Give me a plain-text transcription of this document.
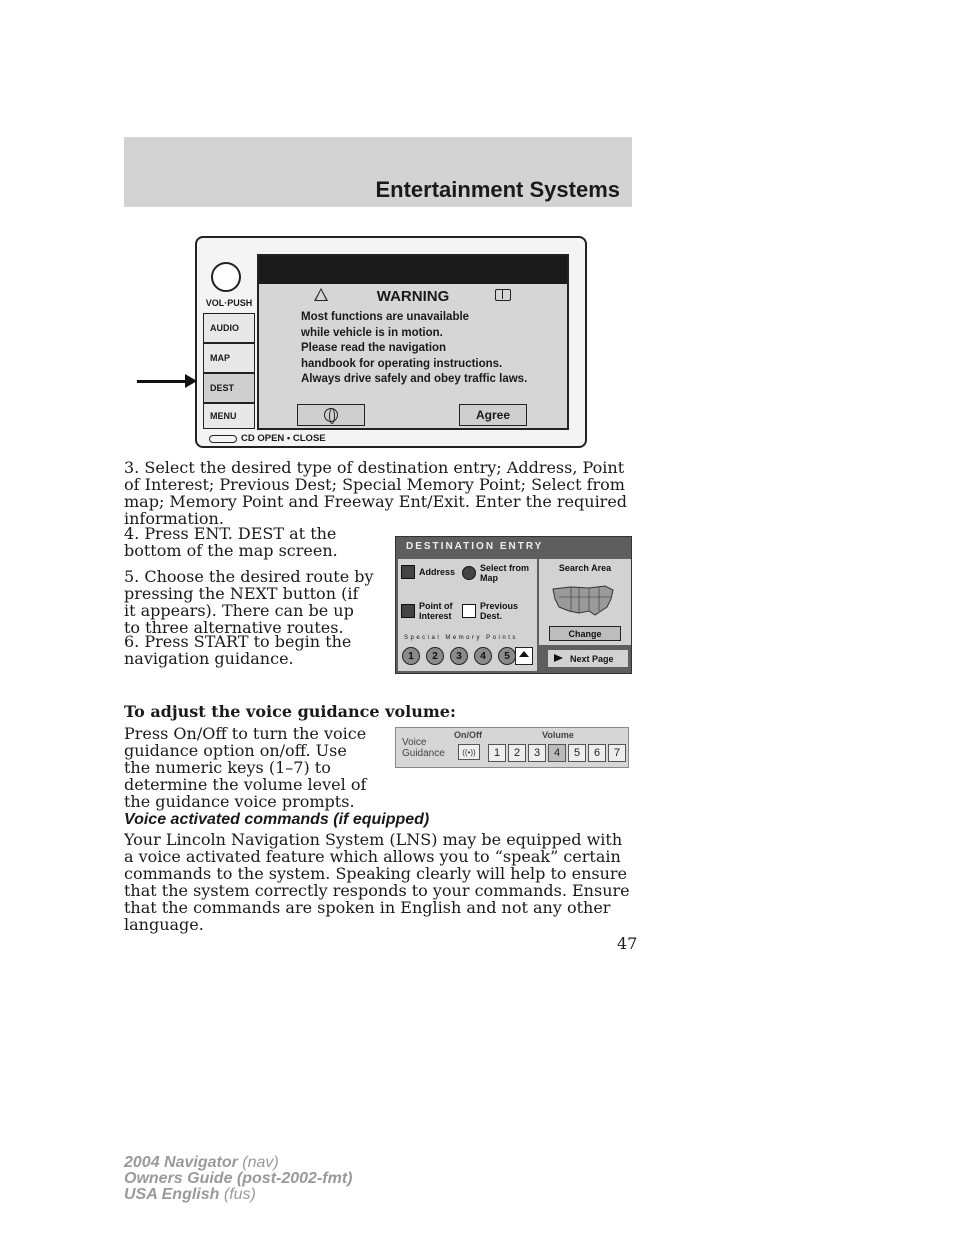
Entertainment Systems
VOL·PUSH
AUDIO
MAP
DEST
MENU
WARNING
Most functions are unavailable
while vehicle is in motion.
Please read the navigation
handbook for operating instructions.
Always drive safely and obey traffic laws.
Agree
CD OPEN • CLOSE
3. Select the desired type of destination entry; Address, Point of Interest; Previous Dest; Special Memory Point; Select from map; Memory Point and Freeway Ent/Exit. Enter the required information.
4. Press ENT. DEST at the bottom of the map screen.
5. Choose the desired route by pressing the NEXT button (if it appears). There can be up to three alternative routes.
6. Press START to begin the navigation guidance.
DESTINATION ENTRY
Address	Select from
Map
Point of
Interest
Previous
Dest.
Special Memory Points
1	2	3	4	5
Search Area
Change
Next Page
To adjust the voice guidance volume:
Press On/Off to turn the voice guidance option on/off. Use the numeric keys (1–7) to determine the volume level of the guidance voice prompts.
Voice
Guidance
On/Off	Volume
((•))	1	2	3	4	5	6	7
Voice activated commands (if equipped)
Your Lincoln Navigation System (LNS) may be equipped with a voice activated feature which allows you to “speak” certain commands to the system. Speaking clearly will help to ensure that the system correctly responds to your commands. Ensure that the commands are spoken in English and not any other language.
47
2004 Navigator (nav)
Owners Guide (post-2002-fmt)
USA English (fus)
